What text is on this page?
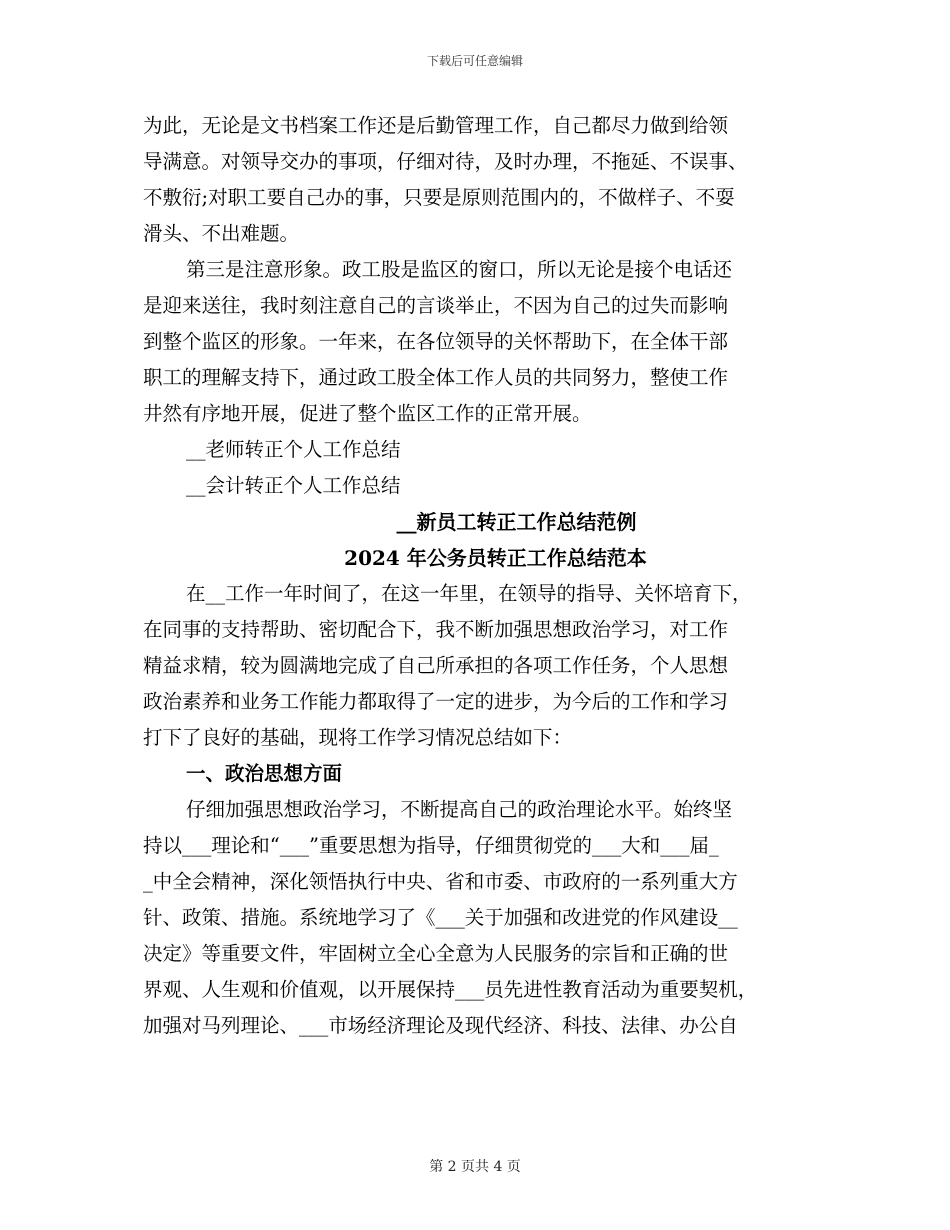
下载后可任意编辑
为此，无论是文书档案工作还是后勤管理工作，自己都尽力做到给领
导满意。对领导交办的事项，仔细对待，及时办理，不拖延、不误事、
不敷衍;对职工要自己办的事，只要是原则范围内的，不做样子、不耍
滑头、不出难题。
第三是注意形象。政工股是监区的窗口，所以无论是接个电话还
是迎来送往，我时刻注意自己的言谈举止，不因为自己的过失而影响
到整个监区的形象。一年来，在各位领导的关怀帮助下，在全体干部
职工的理解支持下，通过政工股全体工作人员的共同努力，整使工作
井然有序地开展，促进了整个监区工作的正常开展。
__老师转正个人工作总结
__会计转正个人工作总结
__新员工转正工作总结范例
2024 年公务员转正工作总结范本
在__工作一年时间了，在这一年里，在领导的指导、关怀培育下，
在同事的支持帮助、密切配合下，我不断加强思想政治学习，对工作
精益求精，较为圆满地完成了自己所承担的各项工作任务，个人思想
政治素养和业务工作能力都取得了一定的进步，为今后的工作和学习
打下了良好的基础，现将工作学习情况总结如下：
一、政治思想方面
仔细加强思想政治学习，不断提高自己的政治理论水平。始终坚
持以___理论和“___”重要思想为指导，仔细贯彻党的___大和___届_
_中全会精神，深化领悟执行中央、省和市委、市政府的一系列重大方
针、政策、措施。系统地学习了《___关于加强和改进党的作风建设__
决定》等重要文件，牢固树立全心全意为人民服务的宗旨和正确的世
界观、人生观和价值观，以开展保持___员先进性教育活动为重要契机，
加强对马列理论、___市场经济理论及现代经济、科技、法律、办公自
第 2 页共 4 页
